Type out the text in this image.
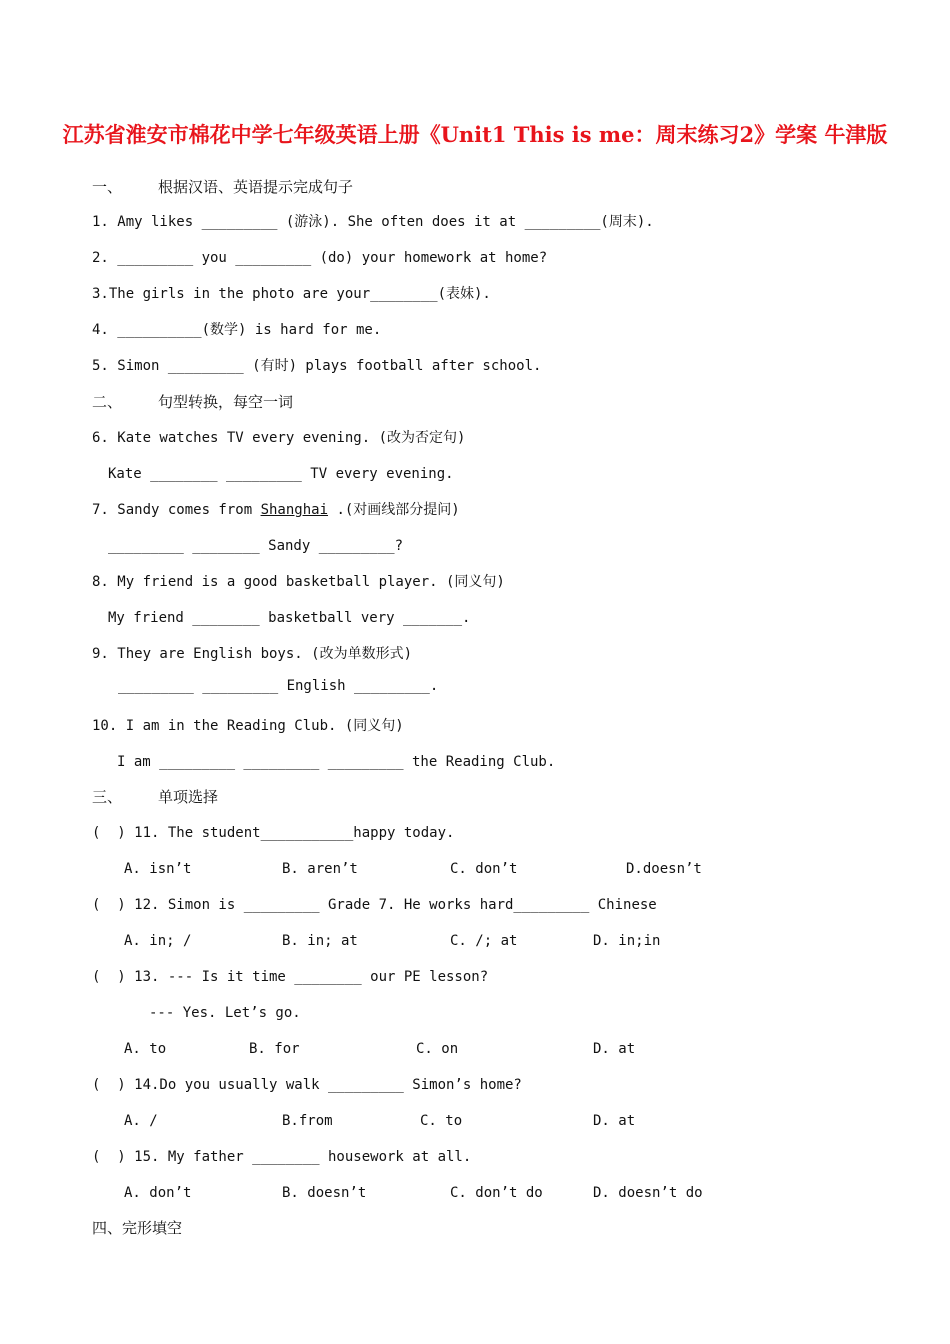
江苏省淮安市棉花中学七年级英语上册《Unit1 This is me：周末练习2》学案 牛津版
一、 根据汉语、英语提示完成句子
1. Amy likes _________ (游泳). She often does it at _________(周末).
2. _________ you _________ (do) your homework at home?
3.The girls in the photo are your________(表妹).
4. __________(数学) is hard for me.
5. Simon _________ (有时) plays football after school.
二、 句型转换，每空一词
6. Kate watches TV every evening. (改为否定句)
Kate ________ _________ TV every evening.
7. Sandy comes from Shanghai .(对画线部分提问)
_________ ________ Sandy _________?
8. My friend is a good basketball player. (同义句)
My friend ________ basketball very _______.
9. They are English boys. (改为单数形式)
_________ _________ English _________.
10. I am in the Reading Club. (同义句)
I am _________ _________ _________ the Reading Club.
三、 单项选择
(  ) 11. The student___________happy today.
A. isn’t	B. aren’t	C. don’t	D.doesn’t
(  ) 12. Simon is _________ Grade 7. He works hard_________ Chinese
A. in; /	B. in; at	C. /; at	D. in;in
(  ) 13. --- Is it time ________ our PE lesson?
--- Yes. Let’s go.
A. to	B. for	C. on	D. at
(  ) 14.Do you usually walk _________ Simon’s home?
A. /	B.from	C. to	D. at
(  ) 15. My father ________ housework at all.
A. don’t	B. doesn’t	C. don’t do	D. doesn’t do
四、完形填空
